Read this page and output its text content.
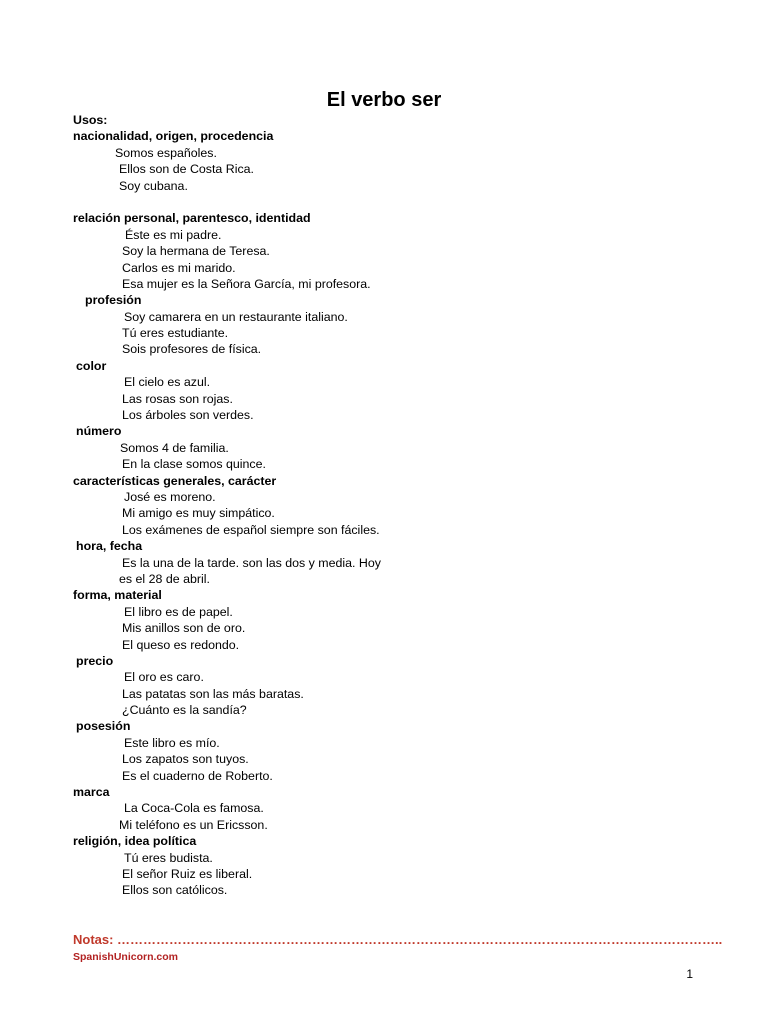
El verbo ser
Usos:
nacionalidad, origen, procedencia
Somos españoles.
Ellos son de Costa Rica.
Soy cubana.
relación personal, parentesco, identidad
Éste es mi padre.
Soy la hermana de Teresa.
Carlos es mi marido.
Esa mujer es la Señora García, mi profesora.
profesión
Soy camarera en un restaurante italiano.
Tú eres estudiante.
Sois profesores de física.
color
El cielo es azul.
Las rosas son rojas.
Los árboles son verdes.
número
Somos 4 de familia.
En la clase somos quince.
características generales, carácter
José es moreno.
Mi amigo es muy simpático.
Los exámenes de español siempre son fáciles.
hora, fecha
Es la una de la tarde. son las dos y media. Hoy
es el 28 de abril.
forma, material
El libro es de papel.
Mis anillos son de oro.
El queso es redondo.
precio
El oro es caro.
Las patatas son las más baratas.
¿Cuánto es la sandía?
posesión
Este libro es mío.
Los zapatos son tuyos.
Es el cuaderno de Roberto.
marca
La Coca-Cola es famosa.
Mi teléfono es un Ericsson.
religión, idea política
Tú eres budista.
El señor Ruiz es liberal.
Ellos son católicos.
Notas: …………………………………………………………………………………………………………………………..
SpanishUnicorn.com
1
